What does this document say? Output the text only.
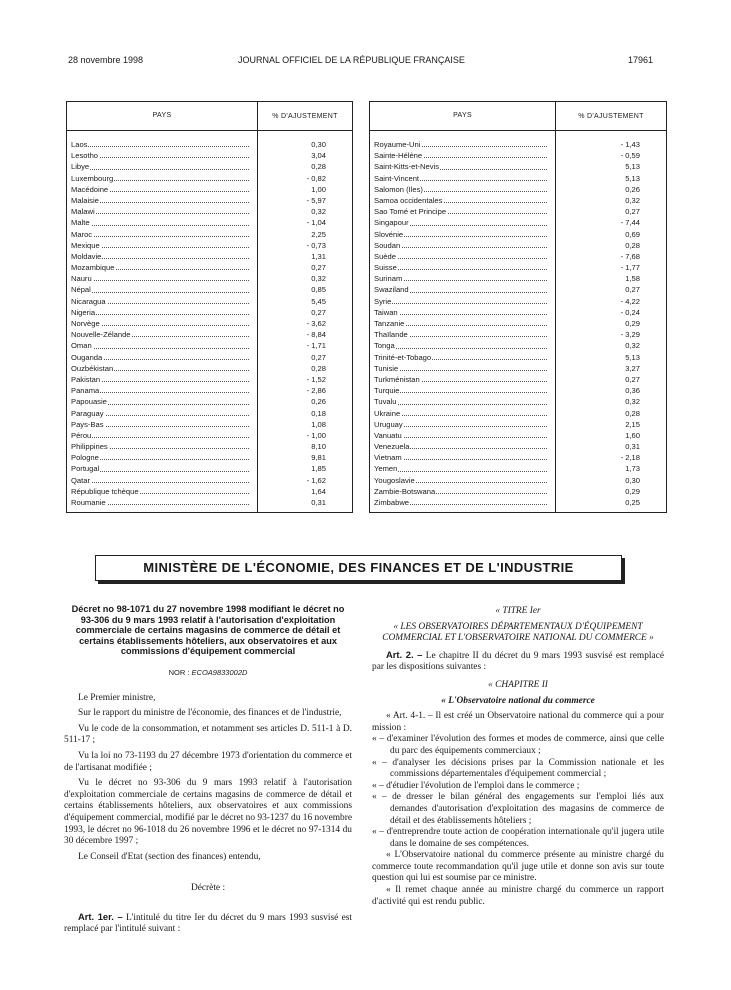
28 novembre 1998	JOURNAL OFFICIEL DE LA RÉPUBLIQUE FRANÇAISE	17961
PAYS	% D'AJUSTEMENT
Laos	0,30
Lesotho	3,04
Libye	0,28
Luxembourg	- 0,82
Macédoine	1,00
Malaisie	- 5,97
Malawi	0,32
Malte	- 1,04
Maroc	2,25
Mexique	- 0,73
Moldavie	1,31
Mozambique	0,27
Nauru	0,32
Népal	0,85
Nicaragua	5,45
Nigeria	0,27
Norvège	- 3,62
Nouvelle-Zélande	- 8,84
Oman	- 1,71
Ouganda	0,27
Ouzbékistan	0,28
Pakistan	- 1,52
Panama	- 2,86
Papouasie	0,26
Paraguay	0,18
Pays-Bas	1,08
Pérou	- 1,00
Philippines	8,10
Pologne	9,81
Portugal	1,85
Qatar	- 1,62
République tchèque	1,64
Roumanie	0,31
PAYS	% D'AJUSTEMENT
Royaume-Uni	- 1,43
Sainte-Hélène	- 0,59
Saint-Kitts-et-Nevis	5,13
Saint-Vincent	5,13
Salomon (Iles)	0,26
Samoa occidentales	0,32
Sao Tomé et Principe	0,27
Singapour	- 7,44
Slovénie	0,69
Soudan	0,28
Suède	- 7,68
Suisse	- 1,77
Surinam	1,58
Swaziland	0,27
Syrie	- 4,22
Taiwan	- 0,24
Tanzanie	0,29
Thaïlande	- 3,29
Tonga	0,32
Trinité-et-Tobago	5,13
Tunisie	3,27
Turkménistan	0,27
Turquie	0,36
Tuvalu	0,32
Ukraine	0,28
Uruguay	2,15
Vanuatu	1,60
Venezuela	0,31
Vietnam	- 2,18
Yemen	1,73
Yougoslavie	0,30
Zambie-Botswana	0,29
Zimbabwe	0,25
MINISTÈRE DE L'ÉCONOMIE, DES FINANCES ET DE L'INDUSTRIE
Décret no 98-1071 du 27 novembre 1998 modifiant le décret no 93-306 du 9 mars 1993 relatif à l'autorisation d'exploitation commerciale de certains magasins de commerce de détail et certains établissements hôteliers, aux observatoires et aux commissions d'équipement commercial
NOR : ECOA9833002D

Le Premier ministre,

Sur le rapport du ministre de l'économie, des finances et de l'industrie,

Vu le code de la consommation, et notamment ses articles D. 511-1 à D. 511-17 ;

Vu la loi no 73-1193 du 27 décembre 1973 d'orientation du commerce et de l'artisanat modifiée ;

Vu le décret no 93-306 du 9 mars 1993 relatif à l'autorisation d'exploitation commerciale de certains magasins de commerce de détail et certains établissements hôteliers, aux observatoires et aux commissions d'équipement commercial, modifié par le décret no 93-1237 du 16 novembre 1993, le décret no 96-1018 du 26 novembre 1996 et le décret no 97-1314 du 30 décembre 1997 ;

Le Conseil d'Etat (section des finances) entendu,

Décrète :

Art. 1er. – L'intitulé du titre Ier du décret du 9 mars 1993 susvisé est remplacé par l'intitulé suivant :

« TITRE Ier

« LES OBSERVATOIRES DÉPARTEMENTAUX D'ÉQUIPEMENT COMMERCIAL ET L'OBSERVATOIRE NATIONAL DU COMMERCE »

Art. 2. – Le chapitre II du décret du 9 mars 1993 susvisé est remplacé par les dispositions suivantes :

« CHAPITRE II

« L'Observatoire national du commerce

« Art. 4-1. – Il est créé un Observatoire national du commerce qui a pour mission :

« – d'examiner l'évolution des formes et modes de commerce, ainsi que celle du parc des équipements commerciaux ;

« – d'analyser les décisions prises par la Commission nationale et les commissions départementales d'équipement commercial ;

« – d'étudier l'évolution de l'emploi dans le commerce ;

« – de dresser le bilan général des engagements sur l'emploi liés aux demandes d'autorisation d'exploitation des magasins de commerce de détail et des établissements hôteliers ;

« – d'entreprendre toute action de coopération internationale qu'il jugera utile dans le domaine de ses compétences.

« L'Observatoire national du commerce présente au ministre chargé du commerce toute recommandation qu'il juge utile et donne son avis sur toute question qui lui est soumise par ce ministre.

« Il remet chaque année au ministre chargé du commerce un rapport d'activité qui est rendu public.
